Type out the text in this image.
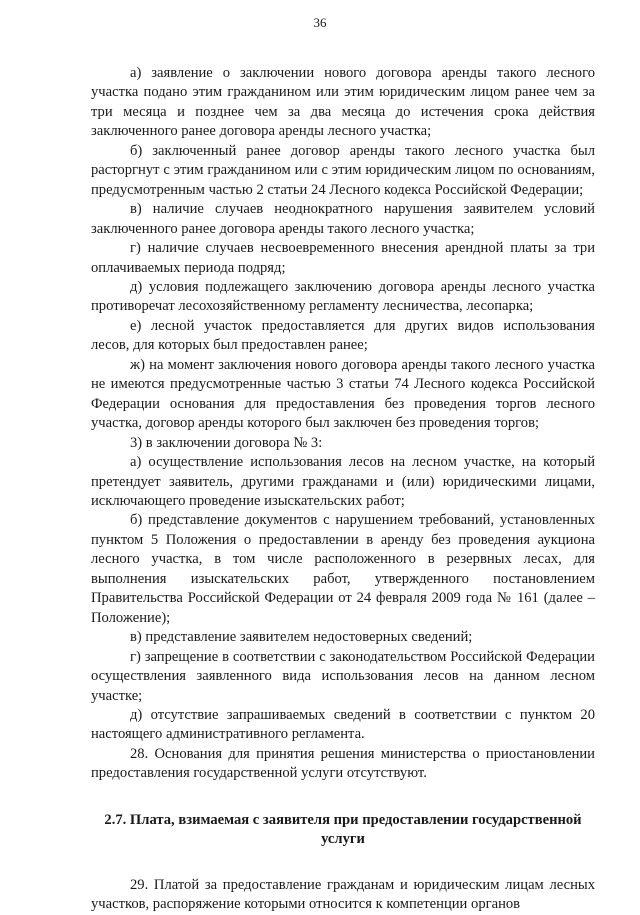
36

а) заявление о заключении нового договора аренды такого лесного участка подано этим гражданином или этим юридическим лицом ранее чем за три месяца и позднее чем за два месяца до истечения срока действия заключенного ранее договора аренды лесного участка;

б) заключенный ранее договор аренды такого лесного участка был расторгнут с этим гражданином или с этим юридическим лицом по основаниям, предусмотренным частью 2 статьи 24 Лесного кодекса Российской Федерации;

в) наличие случаев неоднократного нарушения заявителем условий заключенного ранее договора аренды такого лесного участка;

г) наличие случаев несвоевременного внесения арендной платы за три оплачиваемых периода подряд;

д) условия подлежащего заключению договора аренды лесного участка противоречат лесохозяйственному регламенту лесничества, лесопарка;

е) лесной участок предоставляется для других видов использования лесов, для которых был предоставлен ранее;

ж) на момент заключения нового договора аренды такого лесного участка не имеются предусмотренные частью 3 статьи 74 Лесного кодекса Российской Федерации основания для предоставления без проведения торгов лесного участка, договор аренды которого был заключен без проведения торгов;

3) в заключении договора № 3:

а) осуществление использования лесов на лесном участке, на который претендует заявитель, другими гражданами и (или) юридическими лицами, исключающего проведение изыскательских работ;

б) представление документов с нарушением требований, установленных пунктом 5 Положения о предоставлении в аренду без проведения аукциона лесного участка, в том числе расположенного в резервных лесах, для выполнения изыскательских работ, утвержденного постановлением Правительства Российской Федерации от 24 февраля 2009 года № 161 (далее – Положение);

в) представление заявителем недостоверных сведений;

г) запрещение в соответствии с законодательством Российской Федерации осуществления заявленного вида использования лесов на данном лесном участке;

д) отсутствие запрашиваемых сведений в соответствии с пунктом 20 настоящего административного регламента.

28. Основания для принятия решения министерства о приостановлении предоставления государственной услуги отсутствуют.

2.7. Плата, взимаемая с заявителя при предоставлении государственной услуги

29. Платой за предоставление гражданам и юридическим лицам лесных участков, распоряжение которыми относится к компетенции органов
